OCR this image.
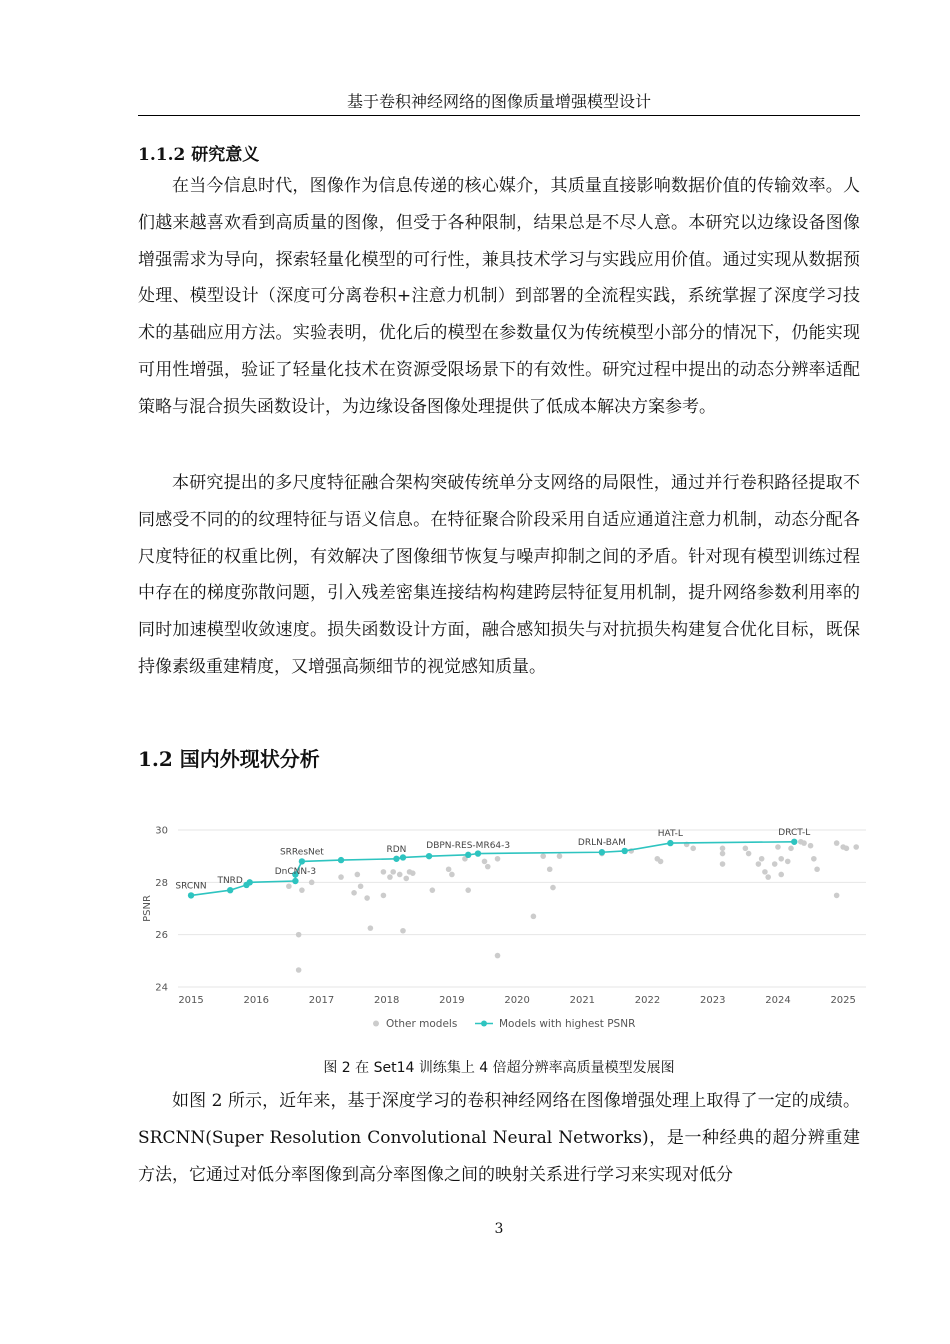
基于卷积神经网络的图像质量增强模型设计
1.1.2 研究意义

在当今信息时代，图像作为信息传递的核心媒介，其质量直接影响数据价值的传输效率。人们越来越喜欢看到高质量的图像，但受于各种限制，结果总是不尽人意。本研究以边缘设备图像增强需求为导向，探索轻量化模型的可行性，兼具技术学习与实践应用价值。通过实现从数据预处理、模型设计（深度可分离卷积+注意力机制）到部署的全流程实践，系统掌握了深度学习技术的基础应用方法。实验表明，优化后的模型在参数量仅为传统模型小部分的情况下，仍能实现可用性增强，验证了轻量化技术在资源受限场景下的有效性。研究过程中提出的动态分辨率适配策略与混合损失函数设计，为边缘设备图像处理提供了低成本解决方案参考。

本研究提出的多尺度特征融合架构突破传统单分支网络的局限性，通过并行卷积路径提取不同感受不同的的纹理特征与语义信息。在特征聚合阶段采用自适应通道注意力机制，动态分配各尺度特征的权重比例，有效解决了图像细节恢复与噪声抑制之间的矛盾。针对现有模型训练过程中存在的梯度弥散问题，引入残差密集连接结构构建跨层特征复用机制，提升网络参数利用率的同时加速模型收敛速度。损失函数设计方面，融合感知损失与对抗损失构建复合优化目标，既保持像素级重建精度，又增强高频细节的视觉感知质量。

1.2 国内外现状分析
24
26
28
30
2015	2016	2017	2018	2019	2020	2021	2022	2023	2024	2025
PSNR
SRCNN
TNRD
DnCNN-3
SRResNet	RDN DBPN-RES-MR64-3	DRLN-BAM
HAT-L	DRCT-L
Other models	Models with highest PSNR
图 2 在 Set14 训练集上 4 倍超分辨率高质量模型发展图

如图 2 所示，近年来，基于深度学习的卷积神经网络在图像增强处理上取得了一定的成绩。SRCNN(Super Resolution Convolutional Neural Networks)，是一种经典的超分辨重建方法，它通过对低分率图像到高分率图像之间的映射关系进行学习来实现对低分

3
